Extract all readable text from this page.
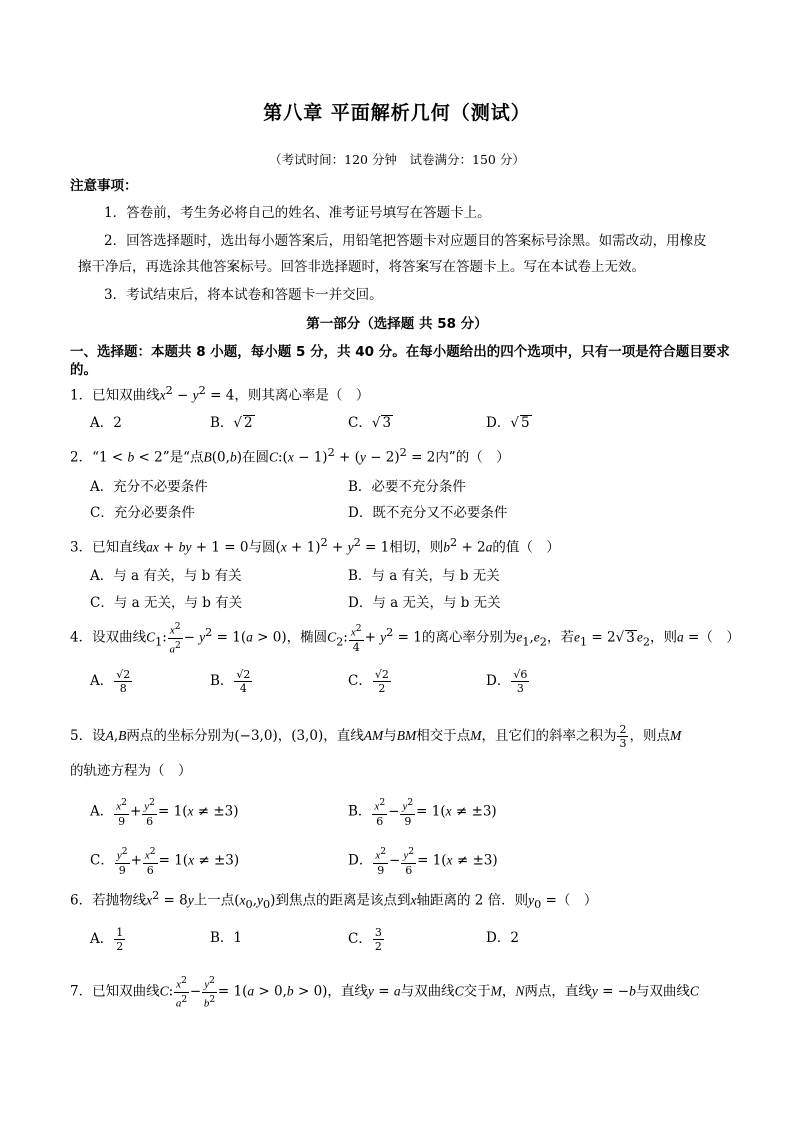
第八章 平面解析几何（测试）
（考试时间：120 分钟　试卷满分：150 分）
注意事项：
1．答卷前，考生务必将自己的姓名、准考证号填写在答题卡上。
2．回答选择题时，选出每小题答案后，用铅笔把答题卡对应题目的答案标号涂黑。如需改动，用橡皮擦干净后，再选涂其他答案标号。回答非选择题时，将答案写在答题卡上。写在本试卷上无效。
3．考试结束后，将本试卷和答题卡一并交回。
第一部分（选择题 共 58 分）
一、选择题：本题共 8 小题，每小题 5 分，共 40 分。在每小题给出的四个选项中，只有一项是符合题目要求的。
1．已知双曲线$x^2 - y^2 = 4$，则其离心率是（　）
A．2	B．√ 2	C．√ 3	D．√ 5
2．“1 < b < 2”是“点B(0,b)在圆C:(x − $1)^2 + (y - 2)^2 = 2$内”的（　）
A．充分不必要条件	B．必要不充分条件
C．充分必要条件	D．既不充分又不必要条件
3．已知直线ax + by + 1 = 0与圆$(x + 1)^2 + y^2 = 1$相切，则$b^2 + 2a$的值（　）
A．与 a 有关，与 b 有关	B．与 a 有关，与 b 无关
C．与 a 无关，与 b 有关	D．与 a 无关，与 b 无关
4．设双曲线$C_1$: $\frac{x^2}{a^2} - y^2 = 1(a > 0)$，椭圆$C_2$: $\frac{x^2}{4} + y^2 = 1$的离心率分别为$e_1,e_2$，若$e_1 = 2√$ 3 $e_2$，则a =（　）
A． $\frac{√2}{8}$	B． $\frac{√2}{4}$	C． $\frac{√2}{2}$	D． $\frac{√6}{3}$
5．设A,B两点的坐标分别为(−3,0)，(3,0)，直线AM与BM相交于点M，且它们的斜率之积为 $\frac{2}{3}$ ，则点M
的轨迹方程为（　）
A． $\frac{x^2}{9} + \frac{y^2}{6} = 1(x \ne \pm 3)$	B． $\frac{x^2}{6} - \frac{y^2}{9} = 1(x \ne \pm 3)$
C． $\frac{y^2}{9} + \frac{x^2}{6} = 1(x \ne \pm 3)$	D． $\frac{x^2}{9} - \frac{y^2}{6} = 1(x \ne \pm 3)$
6．若抛物线$x^2 = 8y$上一点$(x_0,y_0)$到焦点的距离是该点到x轴距离的 2 倍．则$y_0$ =（　）
A． $\frac{1}{2}$	B．1	C． $\frac{3}{2}$	D．2
7．已知双曲线C: $\frac{x^2}{a^2} - \frac{y^2}{b^2} = 1(a > 0,b > 0)$，直线y = a与双曲线C交于M，N两点，直线y = −b与双曲线C
